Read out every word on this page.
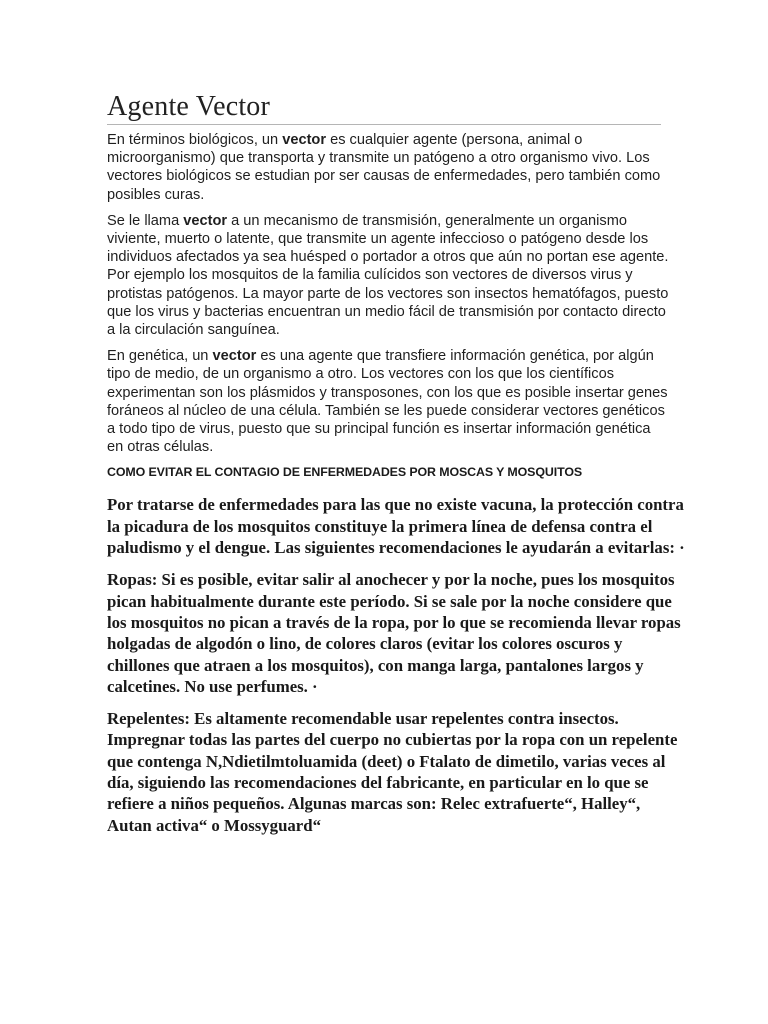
Agente Vector

En términos biológicos, un vector es cualquier agente (persona, animal o microorganismo) que transporta y transmite un patógeno a otro organismo vivo. Los vectores biológicos se estudian por ser causas de enfermedades, pero también como posibles curas.

Se le llama vector a un mecanismo de transmisión, generalmente un organismo viviente, muerto o latente, que transmite un agente infeccioso o patógeno desde los individuos afectados ya sea huésped o portador a otros que aún no portan ese agente. Por ejemplo los mosquitos de la familia culícidos son vectores de diversos virus y protistas patógenos. La mayor parte de los vectores son insectos hematófagos, puesto que los virus y bacterias encuentran un medio fácil de transmisión por contacto directo a la circulación sanguínea.

En genética, un vector es una agente que transfiere información genética, por algún tipo de medio, de un organismo a otro. Los vectores con los que los científicos experimentan son los plásmidos y transposones, con los que es posible insertar genes foráneos al núcleo de una célula. También se les puede considerar vectores genéticos a todo tipo de virus, puesto que su principal función es insertar información genética en otras células.

COMO EVITAR EL CONTAGIO DE ENFERMEDADES POR MOSCAS Y MOSQUITOS

Por tratarse de enfermedades para las que no existe vacuna, la protección contra la picadura de los mosquitos constituye la primera línea de defensa contra el paludismo y el dengue. Las siguientes recomendaciones le ayudarán a evitarlas: ·

Ropas: Si es posible, evitar salir al anochecer y por la noche, pues los mosquitos pican habitualmente durante este período. Si se sale por la noche considere que los mosquitos no pican a través de la ropa, por lo que se recomienda llevar ropas holgadas de algodón o lino, de colores claros (evitar los colores oscuros y chillones que atraen a los mosquitos), con manga larga, pantalones largos y calcetines. No use perfumes. ·

Repelentes: Es altamente recomendable usar repelentes contra insectos. Impregnar todas las partes del cuerpo no cubiertas por la ropa con un repelente que contenga N,Ndietilmtoluamida (deet) o Ftalato de dimetilo, varias veces al día, siguiendo las recomendaciones del fabricante, en particular en lo que se refiere a niños pequeños. Algunas marcas son: Relec extrafuerte“, Halley“, Autan activa“ o Mossyguard“
